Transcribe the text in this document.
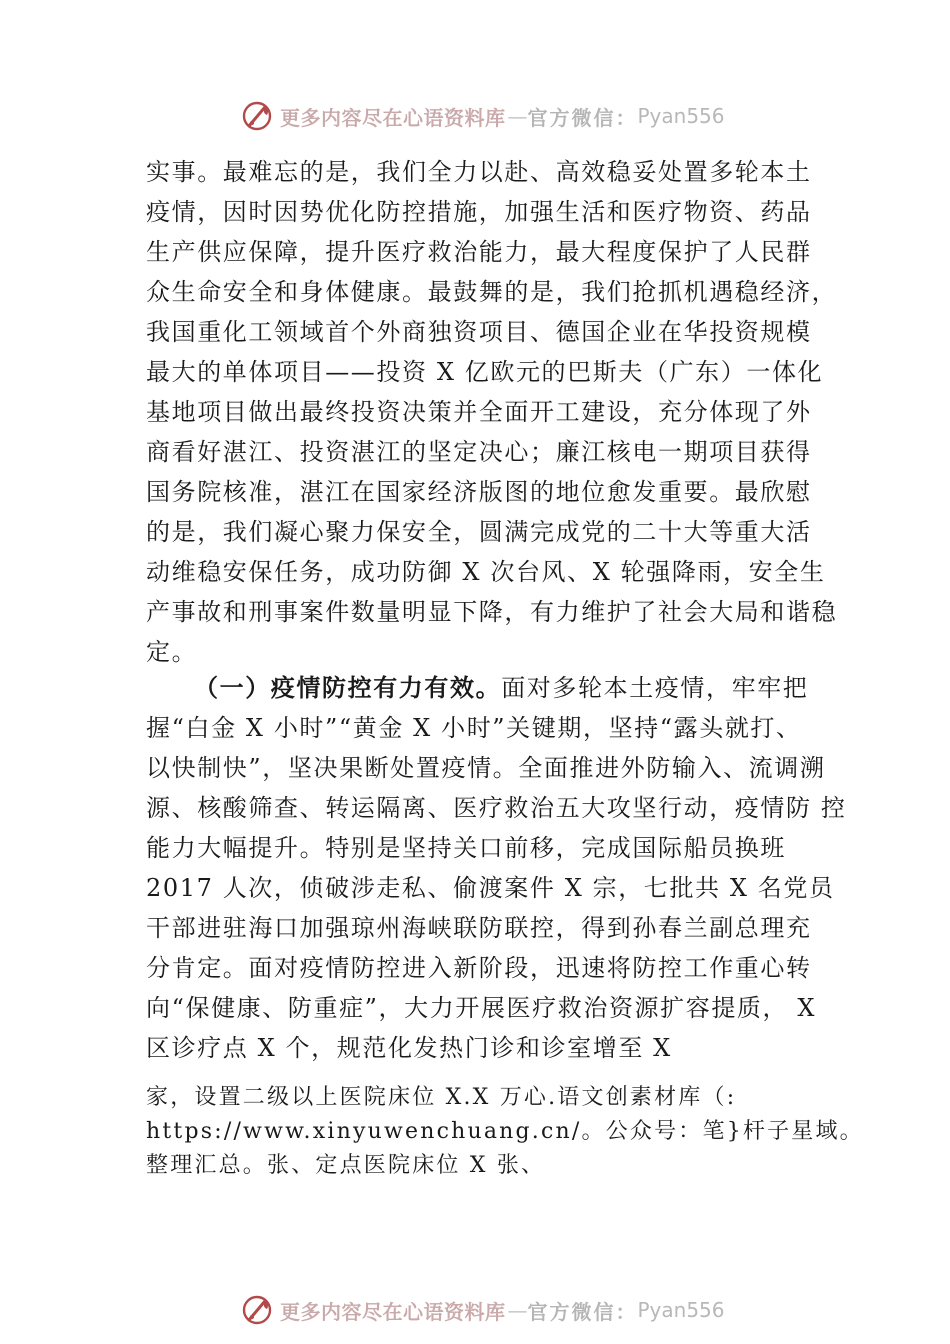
更多内容尽在心语资料库 — 官方微信： Pyan556
实事。最难忘的是，我们全力以赴、高效稳妥处置多轮本土
疫情，因时因势优化防控措施，加强生活和医疗物资、药品
生产供应保障，提升医疗救治能力，最大程度保护了人民群
众生命安全和身体健康。最鼓舞的是，我们抢抓机遇稳经济，
我国重化工领域首个外商独资项目、德国企业在华投资规模
最大的单体项目——投资 X 亿欧元的巴斯夫（广东）一体化
基地项目做出最终投资决策并全面开工建设，充分体现了外
商看好湛江、投资湛江的坚定决心；廉江核电一期项目获得
国务院核准，湛江在国家经济版图的地位愈发重要。最欣慰
的是，我们凝心聚力保安全，圆满完成党的二十大等重大活
动维稳安保任务，成功防御 X 次台风、X 轮强降雨，安全生
产事故和刑事案件数量明显下降，有力维护了社会大局和谐稳
定。
（一）疫情防控有力有效。面对多轮本土疫情，牢牢把
握“白金 X 小时”“黄金 X 小时”关键期，坚持“露头就打、
以快制快”，坚决果断处置疫情。全面推进外防输入、流调溯
源、核酸筛查、转运隔离、医疗救治五大攻坚行动，疫情防 控
能力大幅提升。特别是坚持关口前移，完成国际船员换班
2017 人次，侦破涉走私、偷渡案件 X 宗，七批共 X 名党员
干部进驻海口加强琼州海峡联防联控，得到孙春兰副总理充
分肯定。面对疫情防控进入新阶段，迅速将防控工作重心转
向“保健康、防重症”，大力开展医疗救治资源扩容提质， X
区诊疗点 X 个，规范化发热门诊和诊室增至 X
家，设置二级以上医院床位 X.X 万心.语文创素材库（:
https://www.xinyuwenchuang.cn/。公众号：笔}杆子星域。
整理汇总。张、定点医院床位 X 张、
更多内容尽在心语资料库 — 官方微信： Pyan556
